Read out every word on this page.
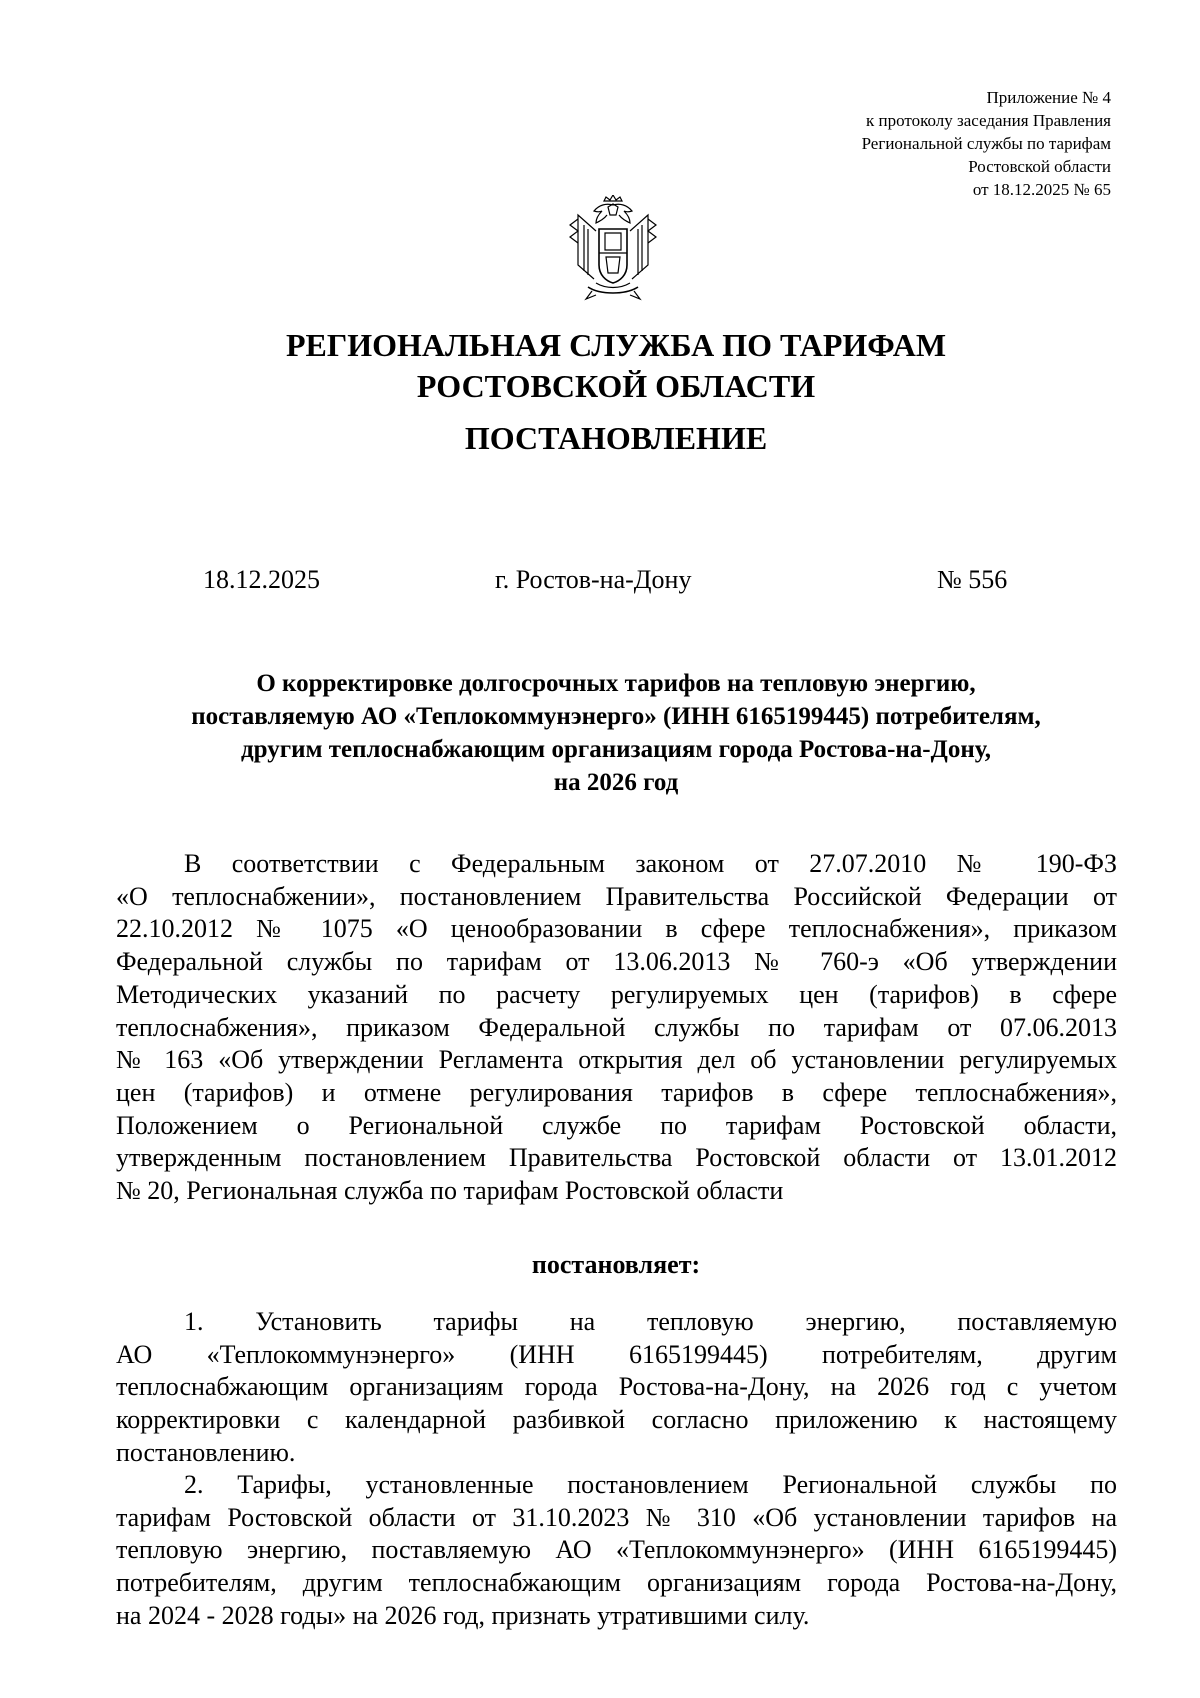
Приложение № 4
к протоколу заседания Правления
Региональной службы по тарифам
Ростовской области
от 18.12.2025 № 65
РЕГИОНАЛЬНАЯ СЛУЖБА ПО ТАРИФАМ
РОСТОВСКОЙ ОБЛАСТИ
ПОСТАНОВЛЕНИЕ
18.12.2025	г. Ростов-на-Дону	№ 556
О корректировке долгосрочных тарифов на тепловую энергию,
поставляемую АО «Теплокоммунэнерго» (ИНН 6165199445) потребителям,
другим теплоснабжающим организациям города Ростова-на-Дону,
на 2026 год
В соответствии с Федеральным законом от 27.07.2010 № 190-ФЗ
«О теплоснабжении», постановлением Правительства Российской Федерации от
22.10.2012 № 1075 «О ценообразовании в сфере теплоснабжения», приказом
Федеральной службы по тарифам от 13.06.2013 № 760-э «Об утверждении
Методических указаний по расчету регулируемых цен (тарифов) в сфере
теплоснабжения», приказом Федеральной службы по тарифам от 07.06.2013
№ 163 «Об утверждении Регламента открытия дел об установлении регулируемых
цен (тарифов) и отмене регулирования тарифов в сфере теплоснабжения»,
Положением о Региональной службе по тарифам Ростовской области,
утвержденным постановлением Правительства Ростовской области от 13.01.2012
№ 20, Региональная служба по тарифам Ростовской области
постановляет:
1. Установить тарифы на тепловую энергию, поставляемую
АО «Теплокоммунэнерго» (ИНН 6165199445) потребителям, другим
теплоснабжающим организациям города Ростова-на-Дону, на 2026 год с учетом
корректировки с календарной разбивкой согласно приложению к настоящему
постановлению.
2. Тарифы, установленные постановлением Региональной службы по
тарифам Ростовской области от 31.10.2023 № 310 «Об установлении тарифов на
тепловую энергию, поставляемую АО «Теплокоммунэнерго» (ИНН 6165199445)
потребителям, другим теплоснабжающим организациям города Ростова-на-Дону,
на 2024 - 2028 годы» на 2026 год, признать утратившими силу.
